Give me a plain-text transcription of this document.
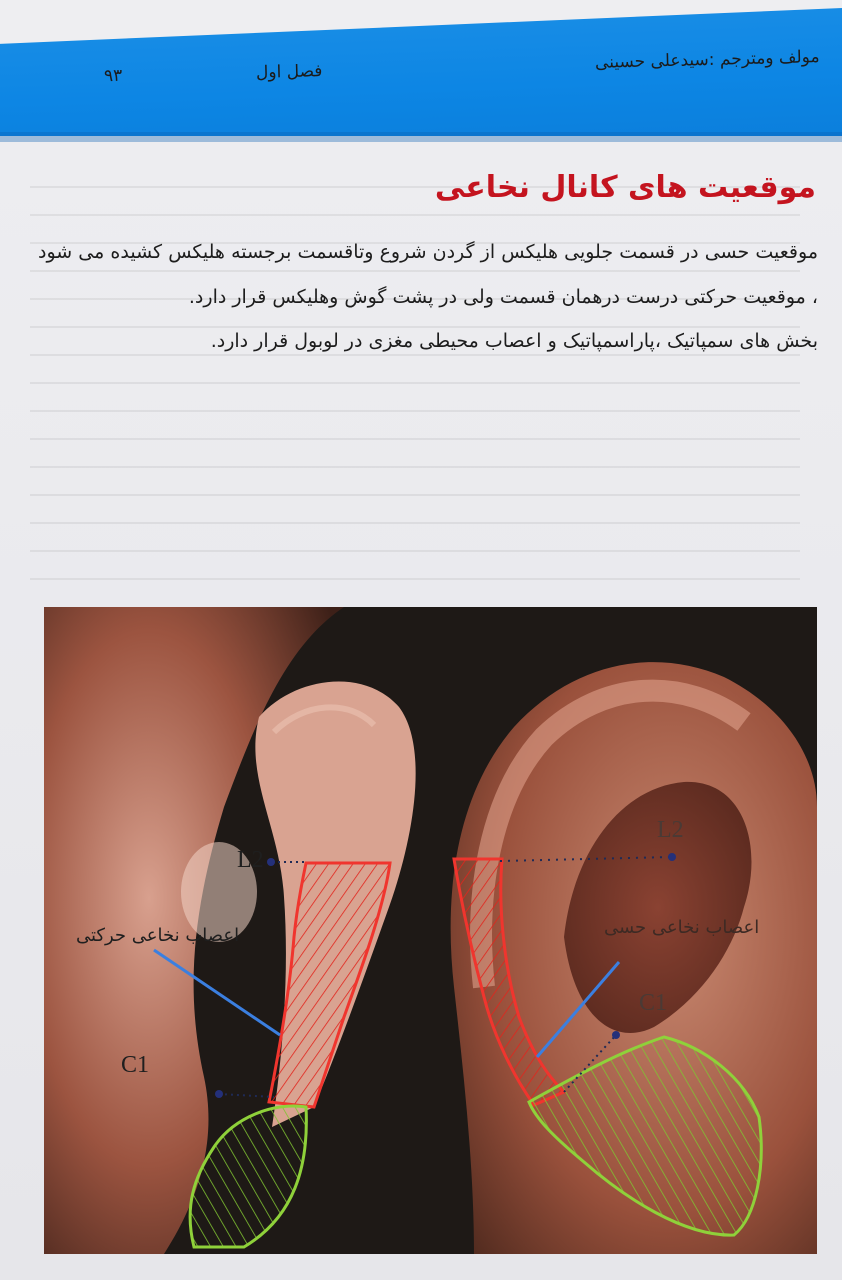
مولف ومترجم :سیدعلی حسینی
فصل اول
۹۳
موقعیت های کانال نخاعی

موقعیت حسی در قسمت جلویی هلیکس از گردن شروع وتاقسمت برجسته هلیکس کشیده می شود ، موقعیت حرکتی درست درهمان قسمت ولی در پشت گوش وهلیکس قرار دارد.

بخش های سمپاتیک ،پاراسمپاتیک و اعصاب محیطی مغزی در لوبول قرار دارد.

L2
C1
اعصاب نخاعی حرکتی
L2
C1
اعصاب نخاعی حسی
